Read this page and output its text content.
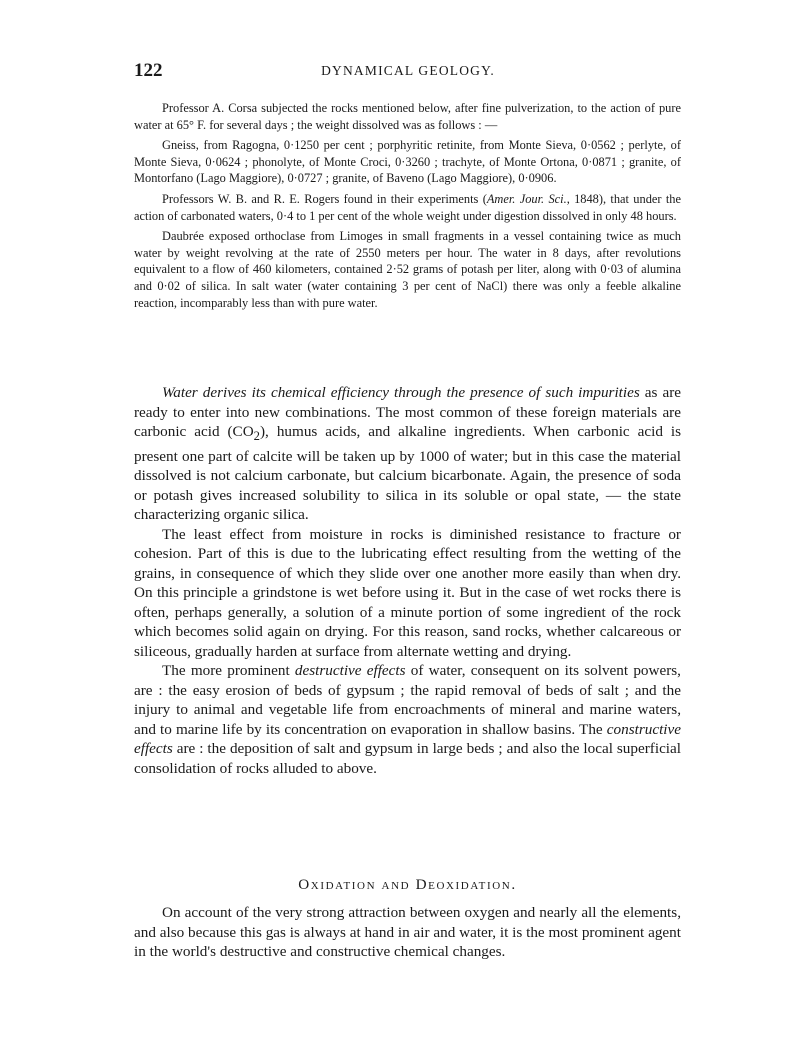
122	DYNAMICAL GEOLOGY.

Professor A. Corsa subjected the rocks mentioned below, after fine pulverization, to the action of pure water at 65° F. for several days ; the weight dissolved was as follows : —

Gneiss, from Ragogna, 0·1250 per cent ; porphyritic retinite, from Monte Sieva, 0·0562 ; perlyte, of Monte Sieva, 0·0624 ; phonolyte, of Monte Croci, 0·3260 ; trachyte, of Monte Ortona, 0·0871 ; granite, of Montorfano (Lago Maggiore), 0·0727 ; granite, of Baveno (Lago Maggiore), 0·0906.

Professors W. B. and R. E. Rogers found in their experiments (Amer. Jour. Sci., 1848), that under the action of carbonated waters, 0·4 to 1 per cent of the whole weight under digestion dissolved in only 48 hours.

Daubrée exposed orthoclase from Limoges in small fragments in a vessel containing twice as much water by weight revolving at the rate of 2550 meters per hour. The water in 8 days, after revolutions equivalent to a flow of 460 kilometers, contained 2·52 grams of potash per liter, along with 0·03 of alumina and 0·02 of silica. In salt water (water containing 3 per cent of NaCl) there was only a feeble alkaline reaction, incomparably less than with pure water.

Water derives its chemical efficiency through the presence of such impurities as are ready to enter into new combinations. The most common of these foreign materials are carbonic acid $(CO_2)$, humus acids, and alkaline ingredients. When carbonic acid is present one part of calcite will be taken up by 1000 of water; but in this case the material dissolved is not calcium carbonate, but calcium bicarbonate. Again, the presence of soda or potash gives increased solubility to silica in its soluble or opal state, — the state characterizing organic silica.

The least effect from moisture in rocks is diminished resistance to fracture or cohesion. Part of this is due to the lubricating effect resulting from the wetting of the grains, in consequence of which they slide over one another more easily than when dry. On this principle a grindstone is wet before using it. But in the case of wet rocks there is often, perhaps generally, a solution of a minute portion of some ingredient of the rock which becomes solid again on drying. For this reason, sand rocks, whether calcareous or siliceous, gradually harden at surface from alternate wetting and drying.

The more prominent destructive effects of water, consequent on its solvent powers, are : the easy erosion of beds of gypsum ; the rapid removal of beds of salt ; and the injury to animal and vegetable life from encroachments of mineral and marine waters, and to marine life by its concentration on evaporation in shallow basins. The constructive effects are : the deposition of salt and gypsum in large beds ; and also the local superficial consolidation of rocks alluded to above.

Oxidation and Deoxidation.

On account of the very strong attraction between oxygen and nearly all the elements, and also because this gas is always at hand in air and water, it is the most prominent agent in the world's destructive and constructive chemical changes.
